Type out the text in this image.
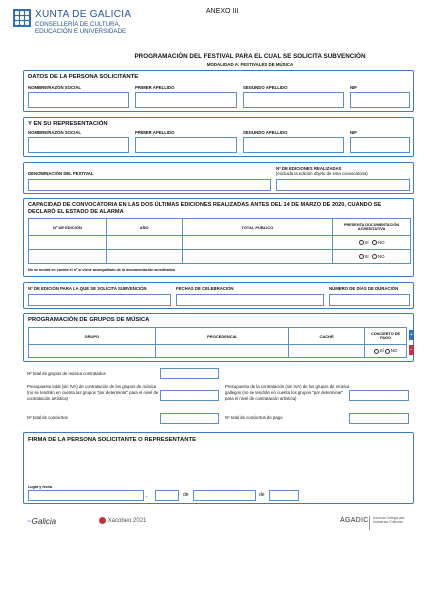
XUNTA DE GALICIA
CONSELLERÍA DE CULTURA,
EDUCACIÓN E UNIVERSIDADE
ANEXO III
PROGRAMACIÓN DEL FESTIVAL PARA EL CUAL SE SOLICITA SUBVENCIÓN
MODALIDAD A: FESTIVALES DE MÚSICA
DATOS DE LA PERSONA SOLICITANTE
NOMBRE/RAZÓN SOCIAL	PRIMER APELLIDO	SEGUNDO APELLIDO	NIF
Y EN SU REPRESENTACIÓN
NOMBRE/RAZÓN SOCIAL	PRIMER APELLIDO	SEGUNDO APELLIDO	NIF
DENOMINACIÓN DEL FESTIVAL
Nº DE EDICIONES REALIZADAS
(excluida la edición objeto de esta convocatoria)
CAPACIDAD DE CONVOCATORIA EN LAS DOS ÚLTIMAS EDICIONES REALIZADAS ANTES DEL 14 DE MARZO DE 2020, CUANDO SE
DECLARÓ EL ESTADO DE ALARMA
Nº DE EDICIÓN	AÑO	TOTAL PÚBLICO	PRESENTA DOCUMENTACIÓN ACREDITATIVA
			SÍ NO
			SÍ NO
No se tendrá en cuenta el nº si viene acompañado de la documentación acreditativa
Nº DE EDICIÓN PARA LA QUE SE SOLICITA SUBVENCIÓN	FECHAS DE CELEBRACIÓN	NÚMERO DE DÍAS DE DURACIÓN
PROGRAMACIÓN DE GRUPOS DE MÚSICA
GRUPO	PROCEDENCIA	CACHÉ	CONCIERTO DE PAGO
			SÍ NO
+
−
Nº total de grupos de música contratados
Presupuesto total (sin IVA) de contratación de los grupos de música (no se tendrán en cuenta los grupos "por determinar" para el nivel de contratación artística)
Presupuesto de la contratación (sin IVA) de los grupos de música gallegos (no se tendrán en cuenta los grupos "por determinar" para el nivel de contratación artística)
Nº total de conciertos	Nº total de conciertos de pago
FIRMA DE LA PERSONA SOLICITANTE O REPRESENTANTE
Lugar y fecha
,	de	de
~Galicia	Xacobeo 2021	AGADIC Axencia Galega das Industrias Culturais
